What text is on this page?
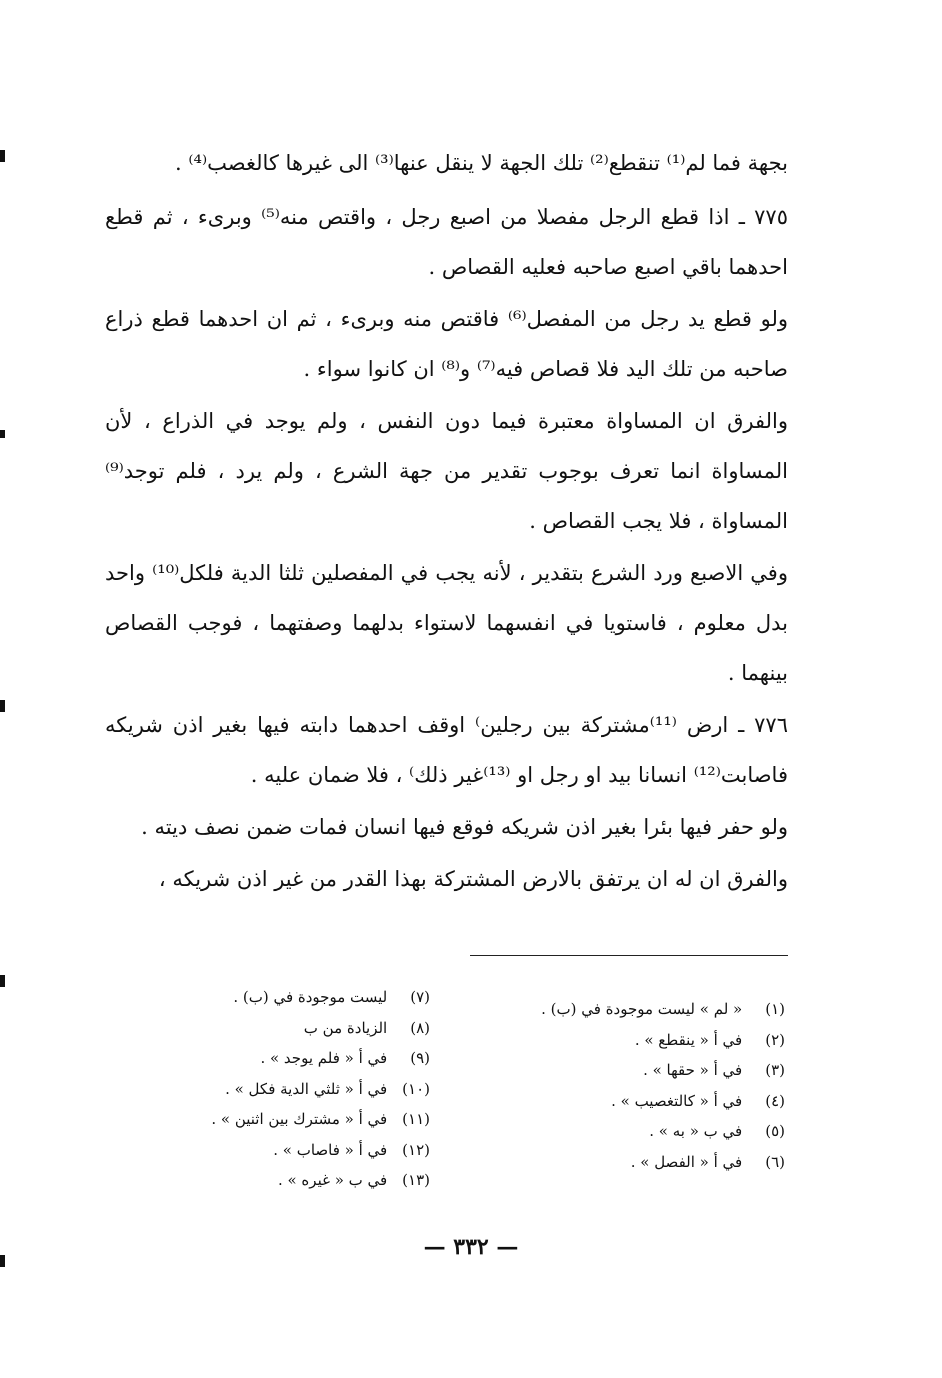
بجهة فما لم⁽¹⁾ تنقطع⁽²⁾ تلك الجهة لا ينقل عنها⁽³⁾ الى غيرها كالغصب⁽⁴⁾ .

٧٧٥ ـ اذا قطع الرجل مفصلا من اصبع رجل ، واقتص منه⁽⁵⁾ وبرىء ، ثم قطع احدهما باقي اصبع صاحبه فعليه القصاص .

ولو قطع يد رجل من المفصل⁽⁶⁾ فاقتص منه وبرىء ، ثم ان احدهما قطع ذراع صاحبه من تلك اليد فلا قصاص فيه⁽⁷⁾ و⁽⁸⁾ ان كانوا سواء .

والفرق ان المساواة معتبرة فيما دون النفس ، ولم يوجد في الذراع ، لأن المساواة انما تعرف بوجوب تقدير من جهة الشرع ، ولم يرد ، فلم توجد⁽⁹⁾ المساواة ، فلا يجب القصاص .

وفي الاصبع ورد الشرع بتقدير ، لأنه يجب في المفصلين ثلثا الدية فلكل⁽¹⁰⁾ واحد بدل معلوم ، فاستويا في انفسهما لاستواء بدلهما وصفتهما ، فوجب القصاص بينهما .

٧٧٦ ـ ارض ⁽¹¹⁾مشتركة بين رجلين⁾ اوقف احدهما دابته فيها بغير اذن شريكه فاصابت⁽¹²⁾ انسانا بيد او رجل او ⁽¹³⁾غير ذلك⁾ ، فلا ضمان عليه .

ولو حفر فيها بئرا بغير اذن شريكه فوقع فيها انسان فمات ضمن نصف ديته .

والفرق ان له ان يرتفق بالارض المشتركة بهذا القدر من غير اذن شريكه ،

(١) « لم » ليست موجودة في (ب) .
(٢) في أ « ينقطع » .
(٣) في أ « حقها » .
(٤) في أ « كالتغصيب » .
(٥) في ب « به » .
(٦) في أ « الفصل » .
(٧) ليست موجودة في (ب) .
(٨) الزيادة من ب
(٩) في أ « فلم يوجد » .
(١٠) في أ « ثلثي الدية فكل » .
(١١) في أ « مشترك بين اثنين » .
(١٢) في أ « فاصاب » .
(١٣) في ب « غيره » .
— ٣٣٢ —
